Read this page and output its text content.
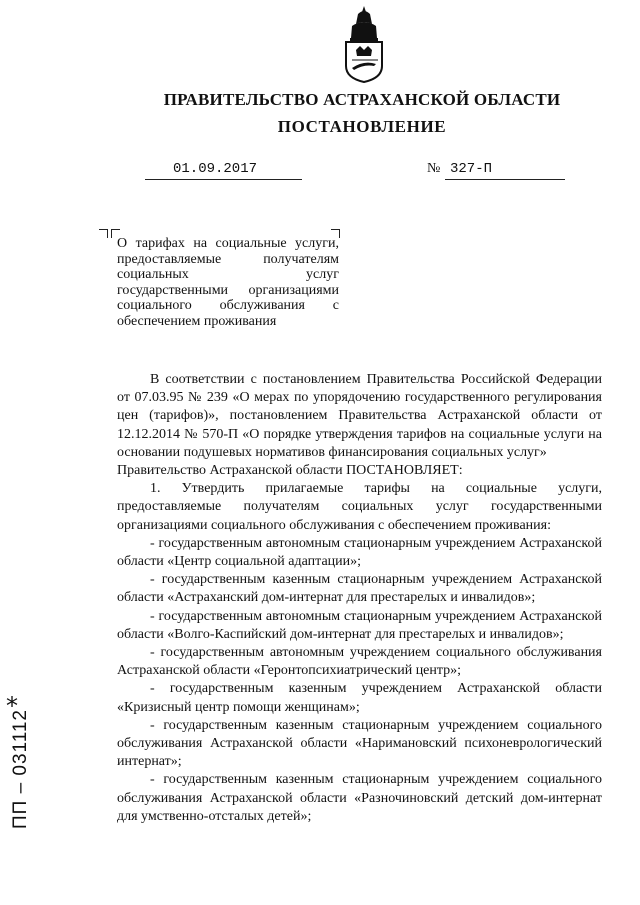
ПРАВИТЕЛЬСТВО АСТРАХАНСКОЙ ОБЛАСТИ
ПОСТАНОВЛЕНИЕ
01.09.2017	№ 327-П
О тарифах на социальные услуги, предоставляемые получателям социальных услуг государственными организациями социального обслуживания с обеспечением проживания

В соответствии с постановлением Правительства Российской Федерации от 07.03.95 № 239 «О мерах по упорядочению государственного регулирования цен (тарифов)», постановлением Правительства Астраханской области от 12.12.2014 № 570-П «О порядке утверждения тарифов на социальные услуги на основании подушевых нормативов финансирования социальных услуг»

Правительство Астраханской области ПОСТАНОВЛЯЕТ:

1. Утвердить прилагаемые тарифы на социальные услуги, предоставляемые получателям социальных услуг государственными организациями социального обслуживания с обеспечением проживания:

- государственным автономным стационарным учреждением Астраханской области «Центр социальной адаптации»;

- государственным казенным стационарным учреждением Астраханской области «Астраханский дом-интернат для престарелых и инвалидов»;

- государственным автономным стационарным учреждением Астраханской области «Волго-Каспийский дом-интернат для престарелых и инвалидов»;

- государственным автономным учреждением социального обслуживания Астраханской области «Геронтопсихиатрический центр»;

- государственным казенным учреждением Астраханской области «Кризисный центр помощи женщинам»;

- государственным казенным стационарным учреждением социального обслуживания Астраханской области «Наримановский психоневрологический интернат»;

- государственным казенным стационарным учреждением социального обслуживания Астраханской области «Разночиновский детский дом-интернат для умственно-отсталых детей»;

*
ПП – 031112
